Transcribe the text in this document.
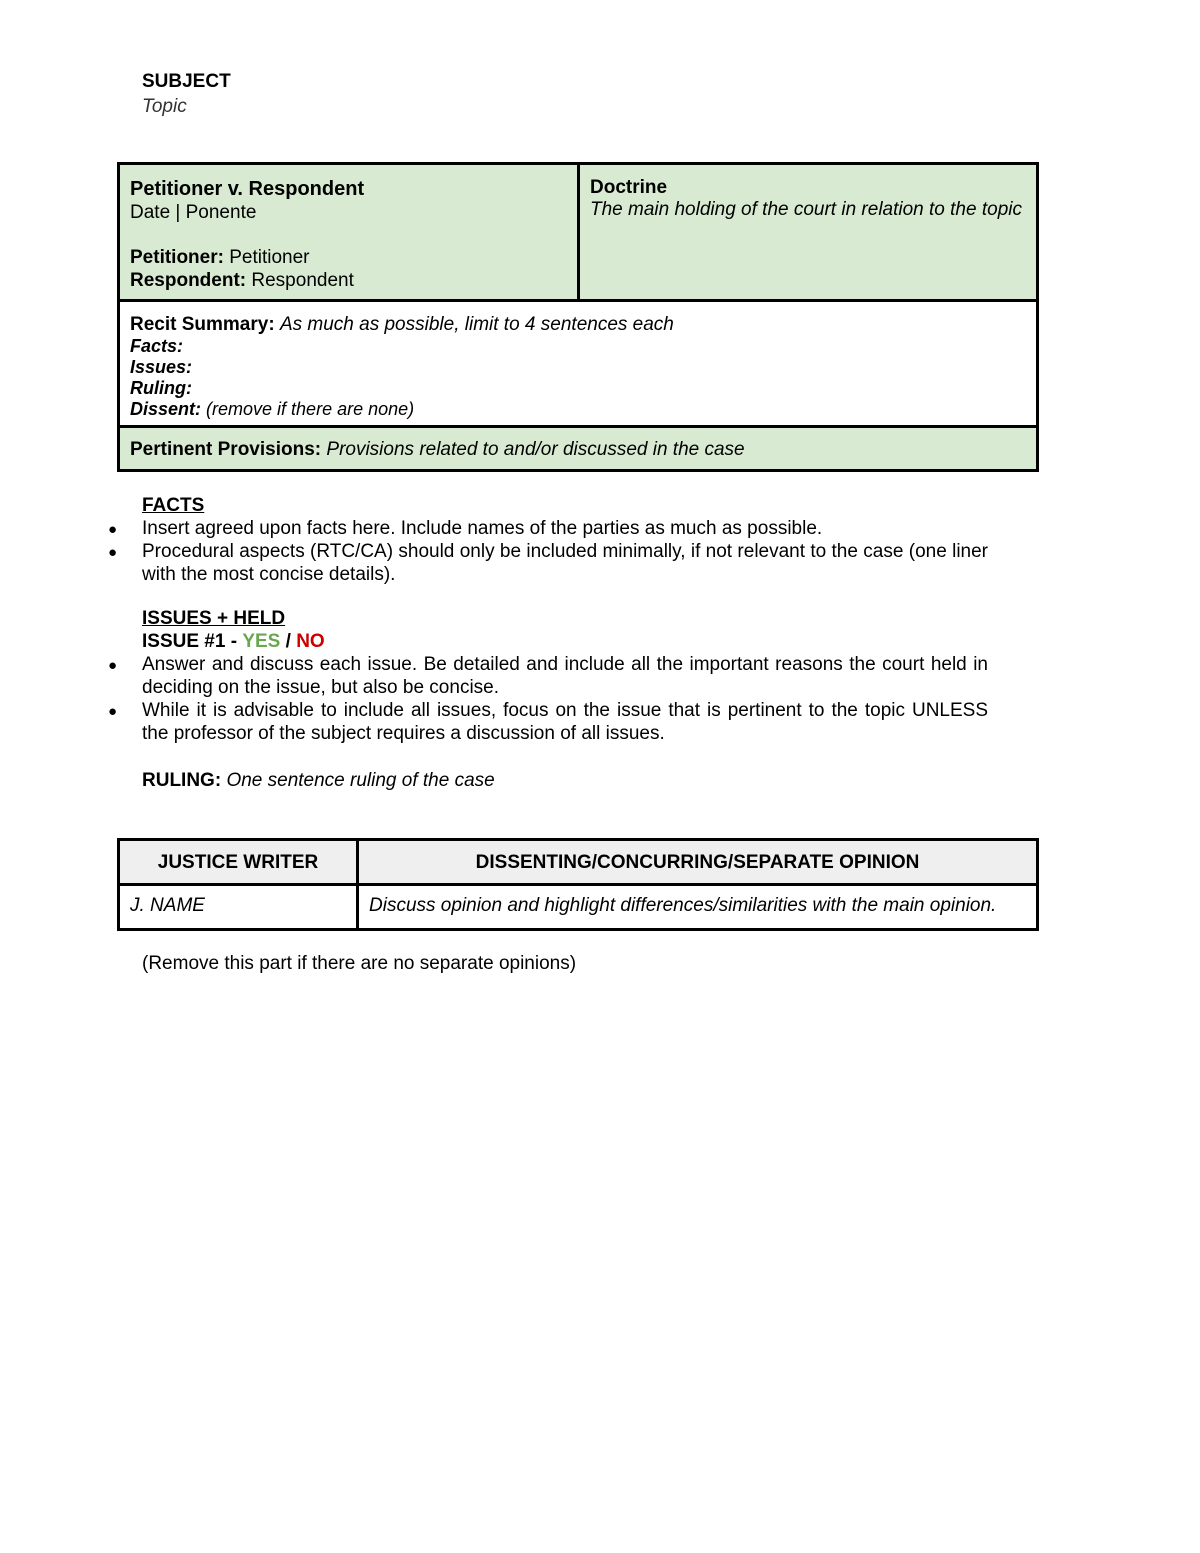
SUBJECT
Topic
Petitioner v. Respondent
Date | Ponente
Petitioner: Petitioner
Respondent: Respondent
Doctrine
The main holding of the court in relation to the topic
Recit Summary: As much as possible, limit to 4 sentences each
Facts:
Issues:
Ruling:
Dissent: (remove if there are none)
Pertinent Provisions: Provisions related to and/or discussed in the case
FACTS
● Insert agreed upon facts here. Include names of the parties as much as possible.
● Procedural aspects (RTC/CA) should only be included minimally, if not relevant to the case (one liner with the most concise details).
ISSUES + HELD
ISSUE #1 - YES / NO
● Answer and discuss each issue. Be detailed and include all the important reasons the court held in deciding on the issue, but also be concise.
● While it is advisable to include all issues, focus on the issue that is pertinent to the topic UNLESS the professor of the subject requires a discussion of all issues.
RULING: One sentence ruling of the case
JUSTICE WRITER	DISSENTING/CONCURRING/SEPARATE OPINION
J. NAME	Discuss opinion and highlight differences/similarities with the main opinion.
(Remove this part if there are no separate opinions)
